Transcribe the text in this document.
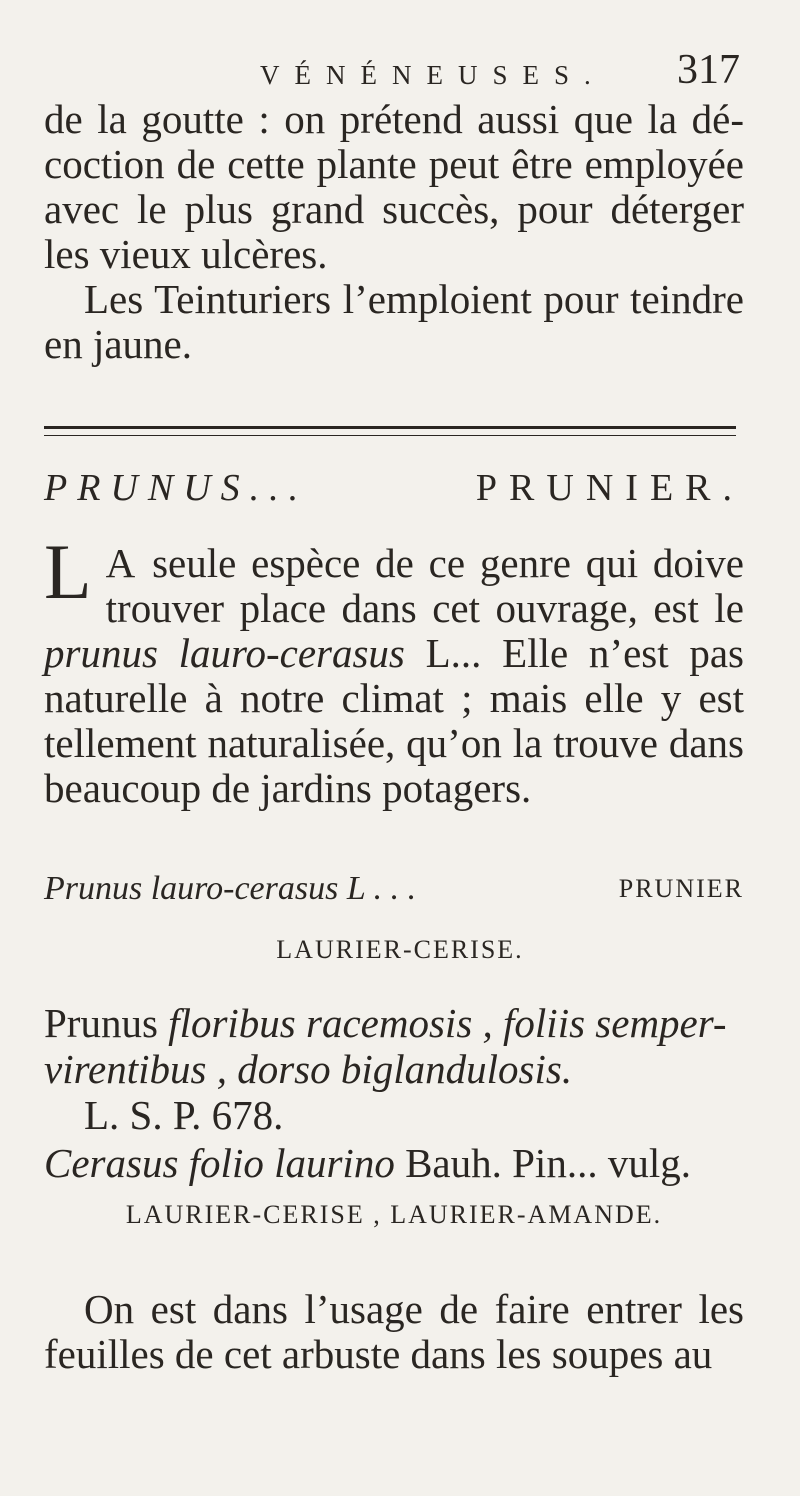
VÉNÉNEUSES. 317

de la goutte : on prétend aussi que la dé-coction de cette plante peut être employée avec le plus grand succès, pour déterger les vieux ulcères.

Les Teinturiers l’emploient pour teindre en jaune.

PRUNUS...	PRUNIER.

L A seule espèce de ce genre qui doive trouver place dans cet ouvrage, est le prunus lauro-cerasus L... Elle n’est pas naturelle à notre climat ; mais elle y est tellement naturalisée, qu’on la trouve dans beaucoup de jardins potagers.

Prunus lauro-cerasus L . . .	PRUNIER
LAURIER-CERISE.
Prunus floribus racemosis , foliis semper-virentibus , dorso biglandulosis.
L. S. P. 678.
Cerasus folio laurino Bauh. Pin... vulg.
LAURIER-CERISE , LAURIER-AMANDE.

On est dans l’usage de faire entrer les feuilles de cet arbuste dans les soupes au
